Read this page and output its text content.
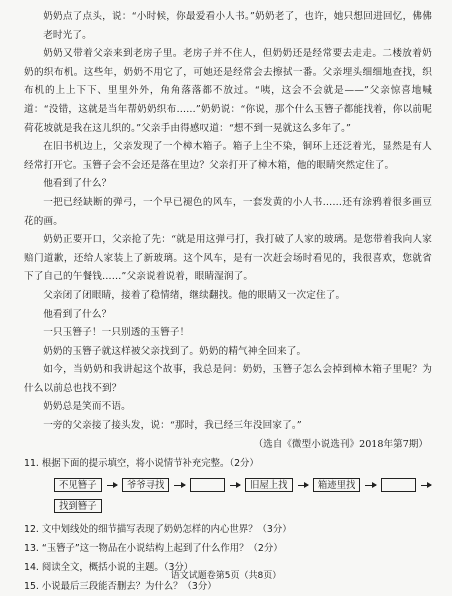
奶奶点了点头，说：“小时候，你最爱看小人书。”奶奶老了，也许，她只想回进回忆，佛佛老时光了。

奶奶又带着父亲来到老房子里。老房子并不住人，但奶奶还是经常要去走走。二楼放着奶奶的织布机。这些年，奶奶不用它了，可她还是经常会去擦拭一番。父亲埋头细细地查找，织布机的上上下下、里里外外，角角落落都不放过。“咦，这会不会就是——”父亲惊喜地喊道：“没错，这就是当年帮奶奶织布……”奶奶说：“你说，那个什么玉簪子都能找着，你以前呢荷花坡就是我在这儿织的。”父亲手由得感叹道：“想不到一晃就这么多年了。”

在旧书机边上，父亲发现了一个樟木箱子。箱子上尘不染，铜环上还泛着光，显然是有人经常打开它。玉簪子会不会还是落在里边？父亲打开了樟木箱，他的眼睛突然定住了。

他看到了什么？

一把已经缺断的弹弓，一个早已褪色的风车，一套发黄的小人书……还有涂鸦着很多画豆花的画。

奶奶正要开口，父亲抢了先：“就是用这弹弓打，我打破了人家的玻璃。是您带着我向人家赔门道歉，还给人家装上了新玻璃。这个风车，是有一次赶会场时看见的，我很喜欢，您就省下了自己的午餐钱……”父亲说着说着，眼睛湿润了。

父亲闭了闭眼睛，接着了稳情绪，继续翻找。他的眼睛又一次定住了。

他看到了什么？

一只玉簪子！一只别透的玉簪子！

奶奶的玉簪子就这样被父亲找到了。奶奶的精气神全回来了。

如今，当奶奶和我讲起这个故事，我总是问：奶奶，玉簪子怎么会掉到樟木箱子里呢？为什么以前总也找不到？

奶奶总是笑而不语。

一旁的父亲接了接头发，说：“那时，我已经三年没回家了。”

（选自《微型小说选刊》2018年第7期）

11. 根据下面的提示填空，将小说情节补充完整。（2分）

不见簪子	爷爷寻找	旧屋上找	箱迹里找
找到簪子

12. 文中划线处的细节描写表现了奶奶怎样的内心世界？（3分）

13. “玉簪子”这一物品在小说结构上起到了什么作用？（2分）

14. 阅读全文，概括小说的主题。（3分）

15. 小说最后三段能否删去？为什么？（3分）

语文试题卷第5页（共8页）
